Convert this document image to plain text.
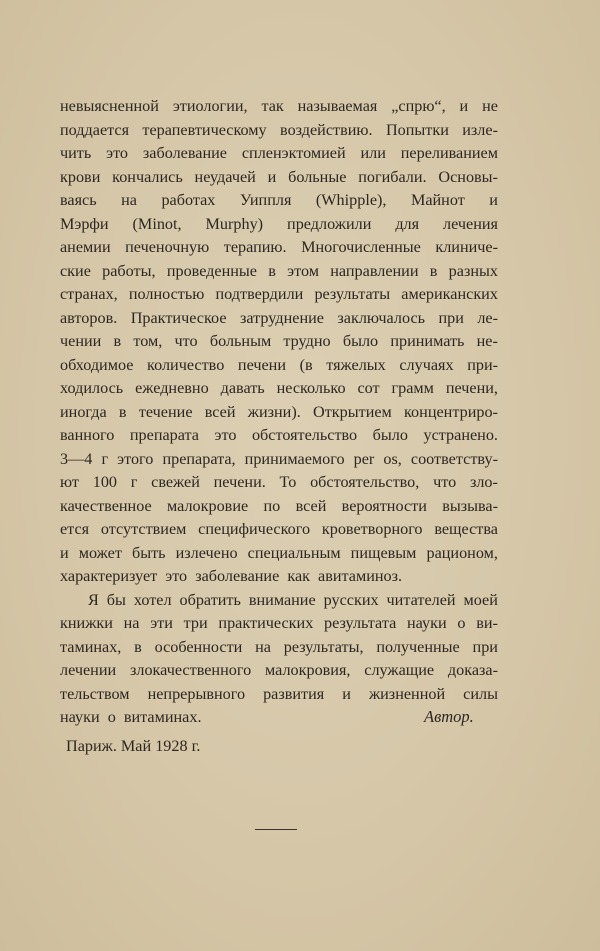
невыясненной этиологии, так называемая „спрю“, и не
поддается терапевтическому воздействию. Попытки изле-
чить это заболевание спленэктомией или переливанием
крови кончались неудачей и больные погибали. Основы-
ваясь на работах Уиппля (Whipple), Майнот и
Мэрфи (Minot, Murphy) предложили для лечения
анемии печеночную терапию. Многочисленные клиниче-
ские работы, проведенные в этом направлении в разных
странах, полностью подтвердили результаты американских
авторов. Практическое затруднение заключалось при ле-
чении в том, что больным трудно было принимать не-
обходимое количество печени (в тяжелых случаях при-
ходилось ежедневно давать несколько сот грамм печени,
иногда в течение всей жизни). Открытием концентриро-
ванного препарата это обстоятельство было устранено.
3—4 г этого препарата, принимаемого per os, соответству-
ют 100 г свежей печени. То обстоятельство, что зло-
качественное малокровие по всей вероятности вызыва-
ется отсутствием специфического кроветворного вещества
и может быть излечено специальным пищевым рационом,
характеризует это заболевание как авитаминоз.
Я бы хотел обратить внимание русских читателей моей
книжки на эти три практических результата науки о ви-
таминах, в особенности на результаты, полученные при
лечении злокачественного малокровия, служащие доказа-
тельством непрерывного развития и жизненной силы
науки о витаминах.	Автор.
Париж. Май 1928 г.
